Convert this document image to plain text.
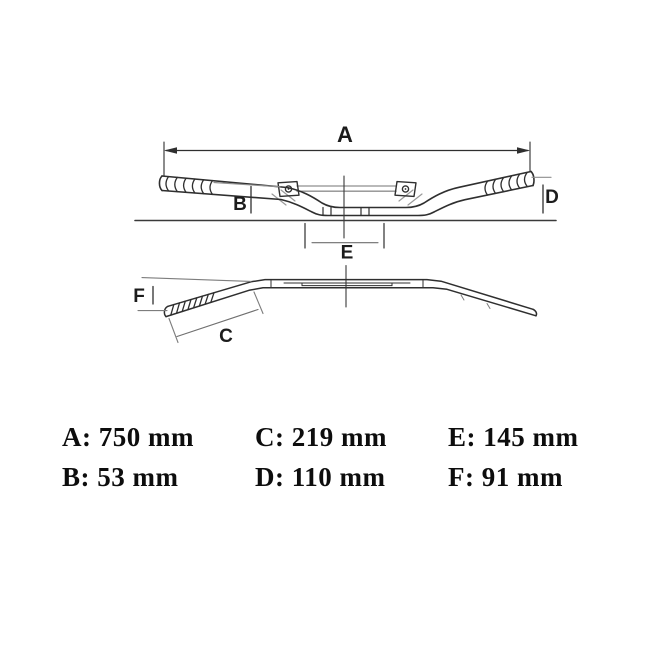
A
B	D
E
F
C
A: 750 mm
B: 53 mm
C: 219 mm
D: 110 mm
E: 145 mm
F: 91 mm
